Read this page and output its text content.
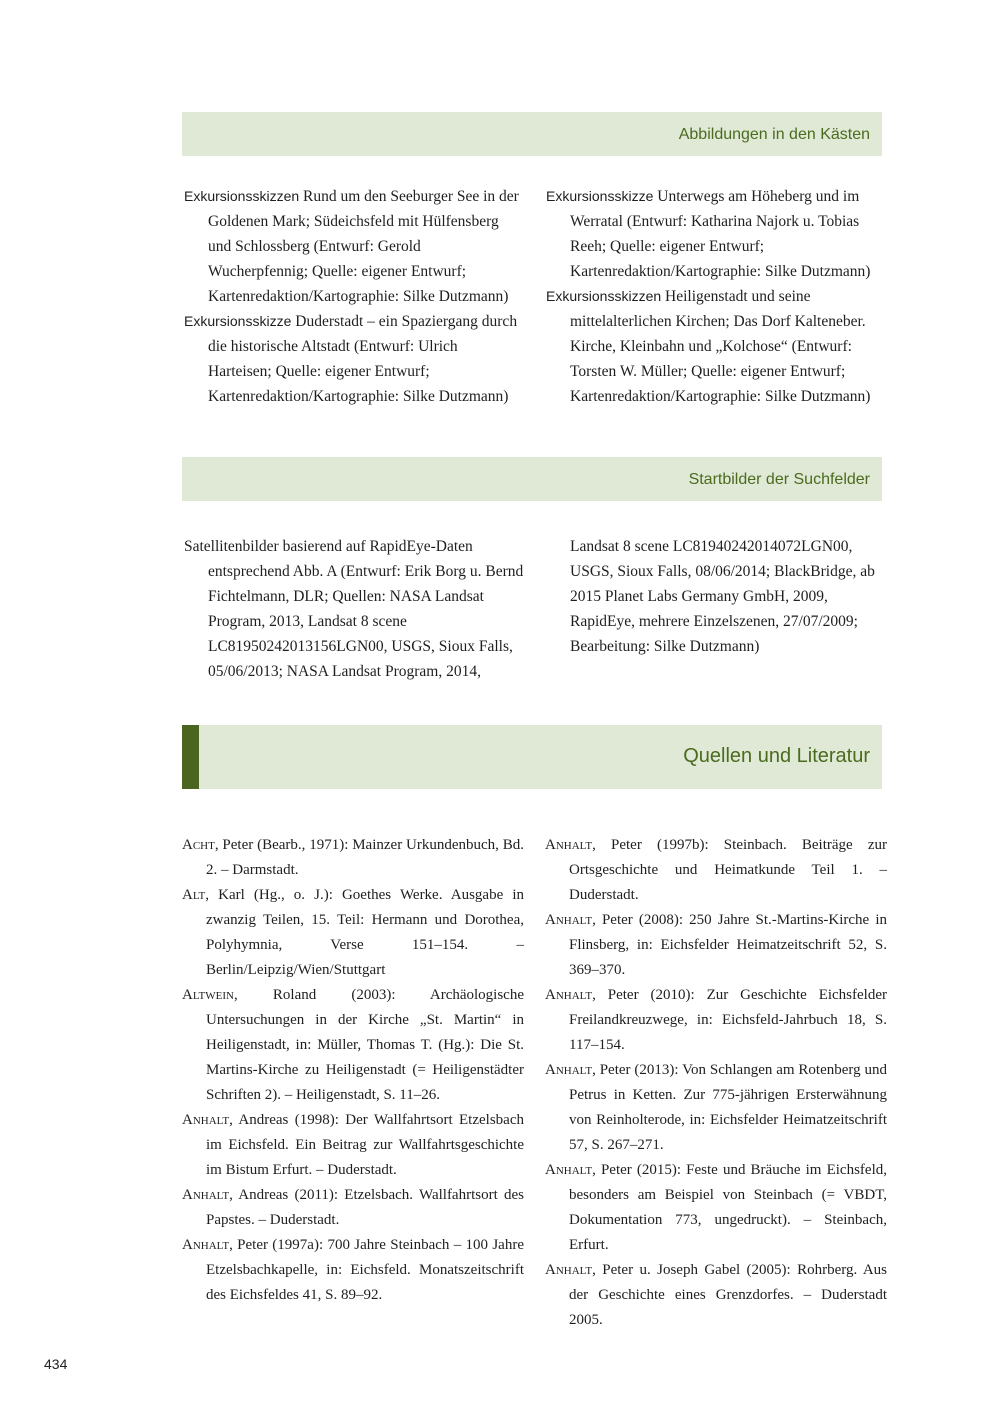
Abbildungen in den Kästen

Exkursionsskizzen Rund um den Seeburger See in der Goldenen Mark; Südeichsfeld mit Hülfensberg und Schlossberg (Entwurf: Gerold Wucherpfennig; Quelle: eigener Entwurf; Kartenredaktion/Kartographie: Silke Dutzmann)

Exkursionsskizze Duderstadt – ein Spaziergang durch die historische Altstadt (Entwurf: Ulrich Harteisen; Quelle: eigener Entwurf; Kartenredaktion/Kartographie: Silke Dutzmann)

Exkursionsskizze Unterwegs am Höheberg und im Werratal (Entwurf: Katharina Najork u. Tobias Reeh; Quelle: eigener Entwurf; Kartenredaktion/Kartographie: Silke Dutzmann)

Exkursionsskizzen Heiligenstadt und seine mittelalterlichen Kirchen; Das Dorf Kalteneber. Kirche, Kleinbahn und „Kolchose“ (Entwurf: Torsten W. Müller; Quelle: eigener Entwurf; Kartenredaktion/Kartographie: Silke Dutzmann)

Startbilder der Suchfelder

Satellitenbilder basierend auf RapidEye-Daten entsprechend Abb. A (Entwurf: Erik Borg u. Bernd Fichtelmann, DLR; Quellen: NASA Landsat Program, 2013, Landsat 8 scene LC81950242013156LGN00, USGS, Sioux Falls, 05/06/2013; NASA Landsat Program, 2014,

Landsat 8 scene LC81940242014072LGN00, USGS, Sioux Falls, 08/06/2014; BlackBridge, ab 2015 Planet Labs Germany GmbH, 2009, RapidEye, mehrere Einzelszenen, 27/07/2009; Bearbeitung: Silke Dutzmann)

Quellen und Literatur

Acht, Peter (Bearb., 1971): Mainzer Urkundenbuch, Bd. 2. – Darmstadt.

Alt, Karl (Hg., o. J.): Goethes Werke. Ausgabe in zwanzig Teilen, 15. Teil: Hermann und Dorothea, Polyhymnia, Verse 151–154. – Berlin/Leipzig/Wien/Stuttgart

Altwein, Roland (2003): Archäologische Untersuchungen in der Kirche „St. Martin“ in Heiligenstadt, in: Müller, Thomas T. (Hg.): Die St. Martins-Kirche zu Heiligenstadt (= Heiligenstädter Schriften 2). – Heiligenstadt, S. 11–26.

Anhalt, Andreas (1998): Der Wallfahrtsort Etzelsbach im Eichsfeld. Ein Beitrag zur Wallfahrtsgeschichte im Bistum Erfurt. – Duderstadt.

Anhalt, Andreas (2011): Etzelsbach. Wallfahrtsort des Papstes. – Duderstadt.

Anhalt, Peter (1997a): 700 Jahre Steinbach – 100 Jahre Etzelsbachkapelle, in: Eichsfeld. Monatszeitschrift des Eichsfeldes 41, S. 89–92.

Anhalt, Peter (1997b): Steinbach. Beiträge zur Ortsgeschichte und Heimatkunde Teil 1. – Duderstadt.

Anhalt, Peter (2008): 250 Jahre St.-Martins-Kirche in Flinsberg, in: Eichsfelder Heimatzeitschrift 52, S. 369–370.

Anhalt, Peter (2010): Zur Geschichte Eichsfelder Freilandkreuzwege, in: Eichsfeld-Jahrbuch 18, S. 117–154.

Anhalt, Peter (2013): Von Schlangen am Rotenberg und Petrus in Ketten. Zur 775-jährigen Ersterwähnung von Reinholterode, in: Eichsfelder Heimatzeitschrift 57, S. 267–271.

Anhalt, Peter (2015): Feste und Bräuche im Eichsfeld, besonders am Beispiel von Steinbach (= VBDT, Dokumentation 773, ungedruckt). – Steinbach, Erfurt.

Anhalt, Peter u. Joseph Gabel (2005): Rohrberg. Aus der Geschichte eines Grenzdorfes. – Duderstadt 2005.

434
